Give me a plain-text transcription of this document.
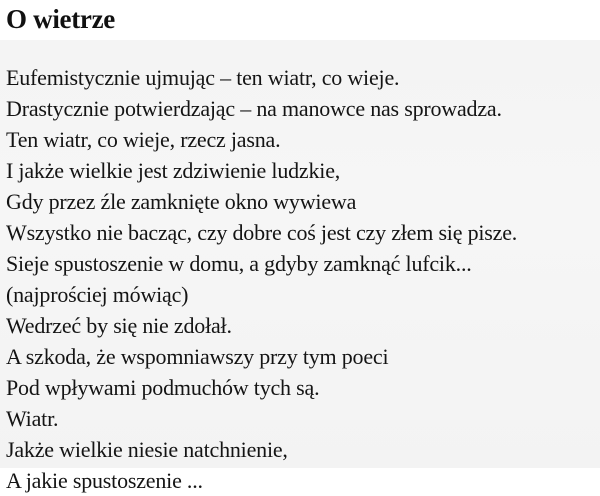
O wietrze
Eufemistycznie ujmując – ten wiatr, co wieje.
Drastycznie potwierdzając – na manowce nas sprowadza.
Ten wiatr, co wieje, rzecz jasna.
I jakże wielkie jest zdziwienie ludzkie,
Gdy przez źle zamknięte okno wywiewa
Wszystko nie bacząc, czy dobre coś jest czy złem się pisze.
Sieje spustoszenie w domu, a gdyby zamknąć lufcik...
(najprościej mówiąc)
Wedrzeć by się nie zdołał.
A szkoda, że wspomniawszy przy tym poeci
Pod wpływami podmuchów tych są.
Wiatr.
Jakże wielkie niesie natchnienie,
A jakie spustoszenie ...
